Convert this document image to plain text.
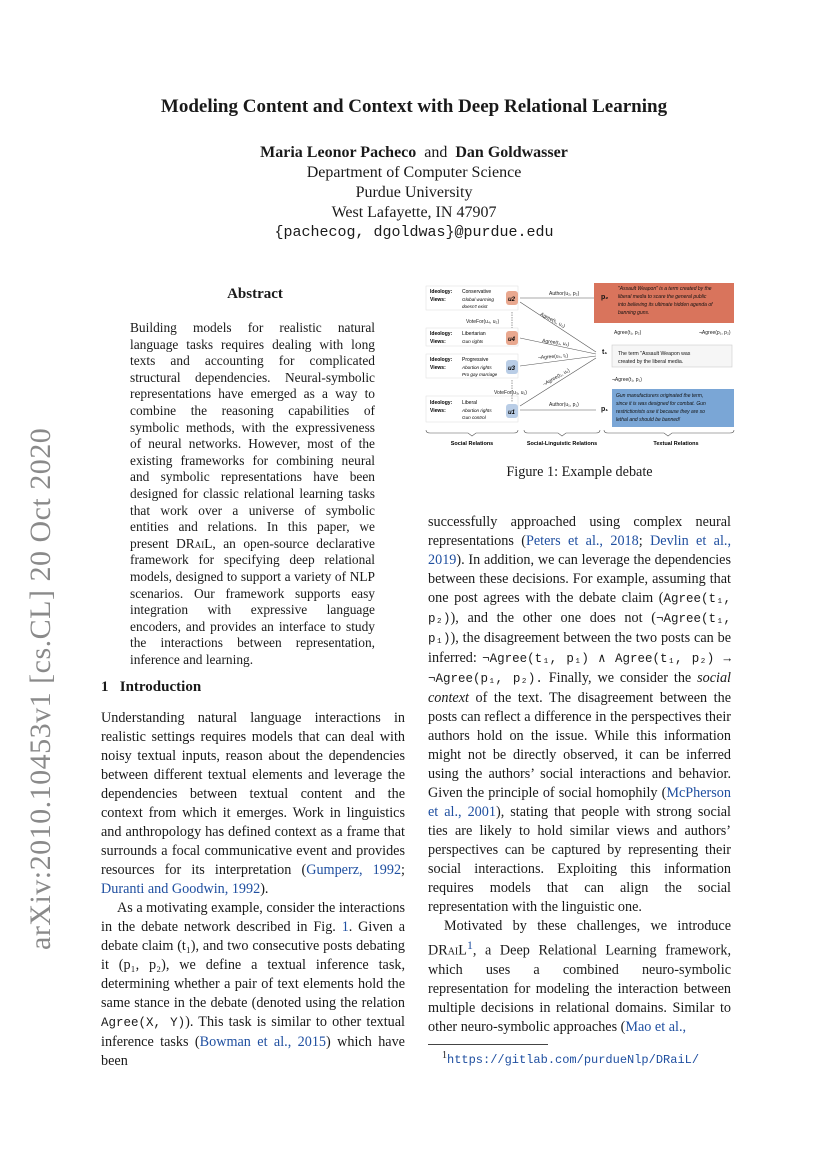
arXiv:2010.10453v1 [cs.CL] 20 Oct 2020
Modeling Content and Context with Deep Relational Learning
Maria Leonor Pacheco and Dan Goldwasser
Department of Computer Science
Purdue University
West Lafayette, IN 47907
{pachecog, dgoldwas}@purdue.edu
Abstract
Building models for realistic natural language tasks requires dealing with long texts and accounting for complicated structural dependencies. Neural-symbolic representations have emerged as a way to combine the reasoning capabilities of symbolic methods, with the expressiveness of neural networks. However, most of the existing frameworks for combining neural and symbolic representations have been designed for classic relational learning tasks that work over a universe of symbolic entities and relations. In this paper, we present DRaiL, an open-source declarative framework for specifying deep relational models, designed to support a variety of NLP scenarios. Our framework supports easy integration with expressive language encoders, and provides an interface to study the interactions between representation, inference and learning.
1 Introduction

Understanding natural language interactions in realistic settings requires models that can deal with noisy textual inputs, reason about the dependencies between different textual elements and leverage the dependencies between textual content and the context from which it emerges. Work in linguistics and anthropology has defined context as a frame that surrounds a focal communicative event and provides resources for its interpretation (Gumperz, 1992; Duranti and Goodwin, 1992).

As a motivating example, consider the interactions in the debate network described in Fig. 1. Given a debate claim (t₁), and two consecutive posts debating it (p₁, p₂), we define a textual inference task, determining whether a pair of text elements hold the same stance in the debate (denoted using the relation Agree(X, Y)). This task is similar to other textual inference tasks (Bowman et al., 2015) which have been

"Assault Weapon" is a term created by the
liberal media to scare the general public
into believing its ultimate hidden agenda of
banning guns.
p₂
The term "Assault Weapon was
created by the liberal media.
t₁
Gun manufacturers originated the term,
since it is was designed for combat. Gun
restrictionists use it because they are so
lethal and should be banned!
p₁
Agree(t₁, p₂)	¬Agree(p₁, p₂)
¬Agree(t₁, p₁)
u2
Ideology: Conservative
Views:	Global warming
doesn't exist
u4
Ideology: Libertarian
Views:	Gun rights
u3
Ideology: Progressive
Views:	Abortion rights
Pro gay marriage
u1
Ideology: Liberal
Views:	Abortion rights
Gun control
Author(u₂, p₂)
Author(u₁, p₁)
VoteFor(u₄, u₂)
VoteFor(u₃, u₁)
Agree(t₁, u₂)
Agree(t₁, u₄)
¬Agree(u₃, t₁)
¬Agree(t₁, u₁)
Social Relations	Social-Linguistic Relations	Textual Relations
Figure 1: Example debate

successfully approached using complex neural representations (Peters et al., 2018; Devlin et al., 2019). In addition, we can leverage the dependencies between these decisions. For example, assuming that one post agrees with the debate claim (Agree(t₁, p₂)), and the other one does not (¬Agree(t₁, p₁)), the disagreement between the two posts can be inferred: ¬Agree(t₁, p₁) ∧ Agree(t₁, p₂) → ¬Agree(p₁, p₂). Finally, we consider the social context of the text. The disagreement between the posts can reflect a difference in the perspectives their authors hold on the issue. While this information might not be directly observed, it can be inferred using the authors’ social interactions and behavior. Given the principle of social homophily (McPherson et al., 2001), stating that people with strong social ties are likely to hold similar views and authors’ perspectives can be captured by representing their social interactions. Exploiting this information requires models that can align the social representation with the linguistic one.

Motivated by these challenges, we introduce DRaiL$^1$, a Deep Relational Learning framework, which uses a combined neuro-symbolic representation for modeling the interaction between multiple decisions in relational domains. Similar to other neuro-symbolic approaches (Mao et al.,

$^1$https://gitlab.com/purdueNlp/DRaiL/
